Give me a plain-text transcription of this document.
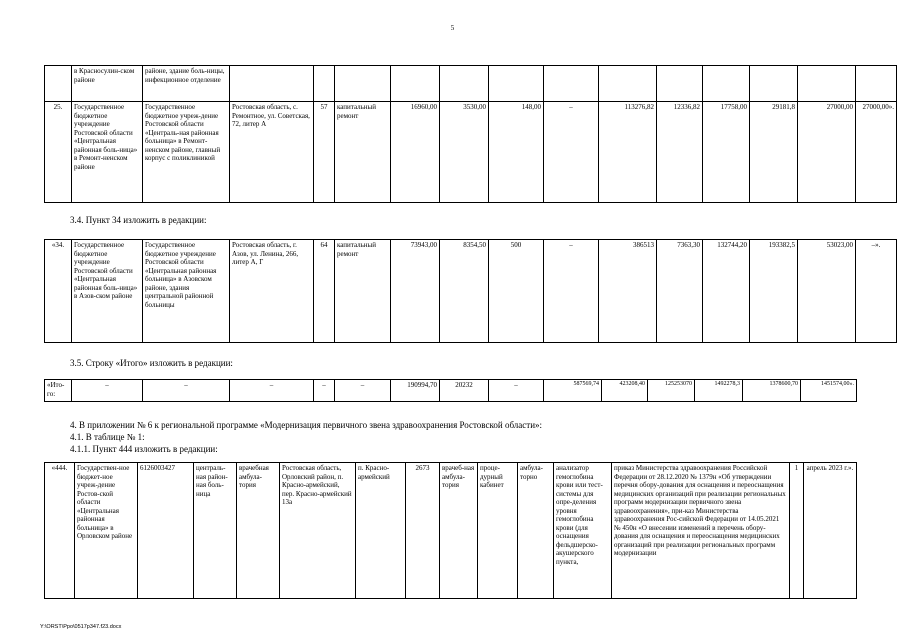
5
	в Красносулин-ском районе	районе, здание боль-ницы, инфекционное отделение													
25.	Государственное бюджетное учреждение Ростовской области «Центральная районная боль-ница» в Ремонт-ненском районе	Государственное бюджетное учреж-дение Ростовской области «Централь-ная районная больница» в Ремонт-ненском районе, главный корпус с поликлиникой	Ростовская область, с. Ремонтное, ул. Советская, 72, литер А	57	капитальный ремонт	16960,00	3530,00	148,00	–	113276,82	12336,82	17758,00	29181,8	27000,00	27000,00».
3.4. Пункт 34 изложить в редакции:
«34.	Государственное бюджетное учреждение Ростовской области «Центральная районная боль-ница» в Азов-ском районе	Государственное бюджетное учреждение Ростовской области «Центральная районная больница» в Азовском районе, здания центральной районной больницы	Ростовская область, г. Азов, ул. Ленина, 266, литер А, Г	64	капитальный ремонт	73943,00	8354,50	500	–	386513	7363,30	132744,20	193382,5	53023,00	–».
3.5. Строку «Итого» изложить в редакции:
«Ито-го:	–	–	–	–	–	190994,70	20232	–	587569,74	423208,40	125253070	1492278,3	1378600,70	1451574,00».
4. В приложении № 6 к региональной программе «Модернизация первичного звена здравоохранения Ростовской области»:
4.1. В таблице № 1:
4.1.1. Пункт 444 изложить в редакции:
«444.	Государствен-ное бюджет-ное учреж-дение Ростов-ской области «Центральная районная больница» в Орловском районе	6126003427	централь-ная район-ная боль-ница	врачебная амбула-тория	Ростовская область, Орловский район, п. Красно-армейский, пер. Красно-армейский 13а	п. Красно-армейский	2673	врачеб-ная амбула-тория	проце-дурный кабинет	амбула-торно	анализатор гемоглобина крови или тест-системы для опре-деления уровня гемоглобина крови (для оснащения фельдшерско-акушерского пункта,	приказ Министерства здравоохранения Российской Федерации от 28.12.2020 № 1379н «Об утверждении перечня обору-дования для оснащения и переоснащения медицинских организаций при реализации региональных программ модернизации первичного звена здравоохранения», при-каз Министерства здравоохранения Рос-сийской Федерации от 14.05.2021 № 450н «О внесении изменений в перечень обору-дования для оснащения и переоснащения медицинских организаций при реализации региональных программ модернизации	1	апрель 2023 г.».
Y:\ORST\Ppo\0517p347.f23.docx
